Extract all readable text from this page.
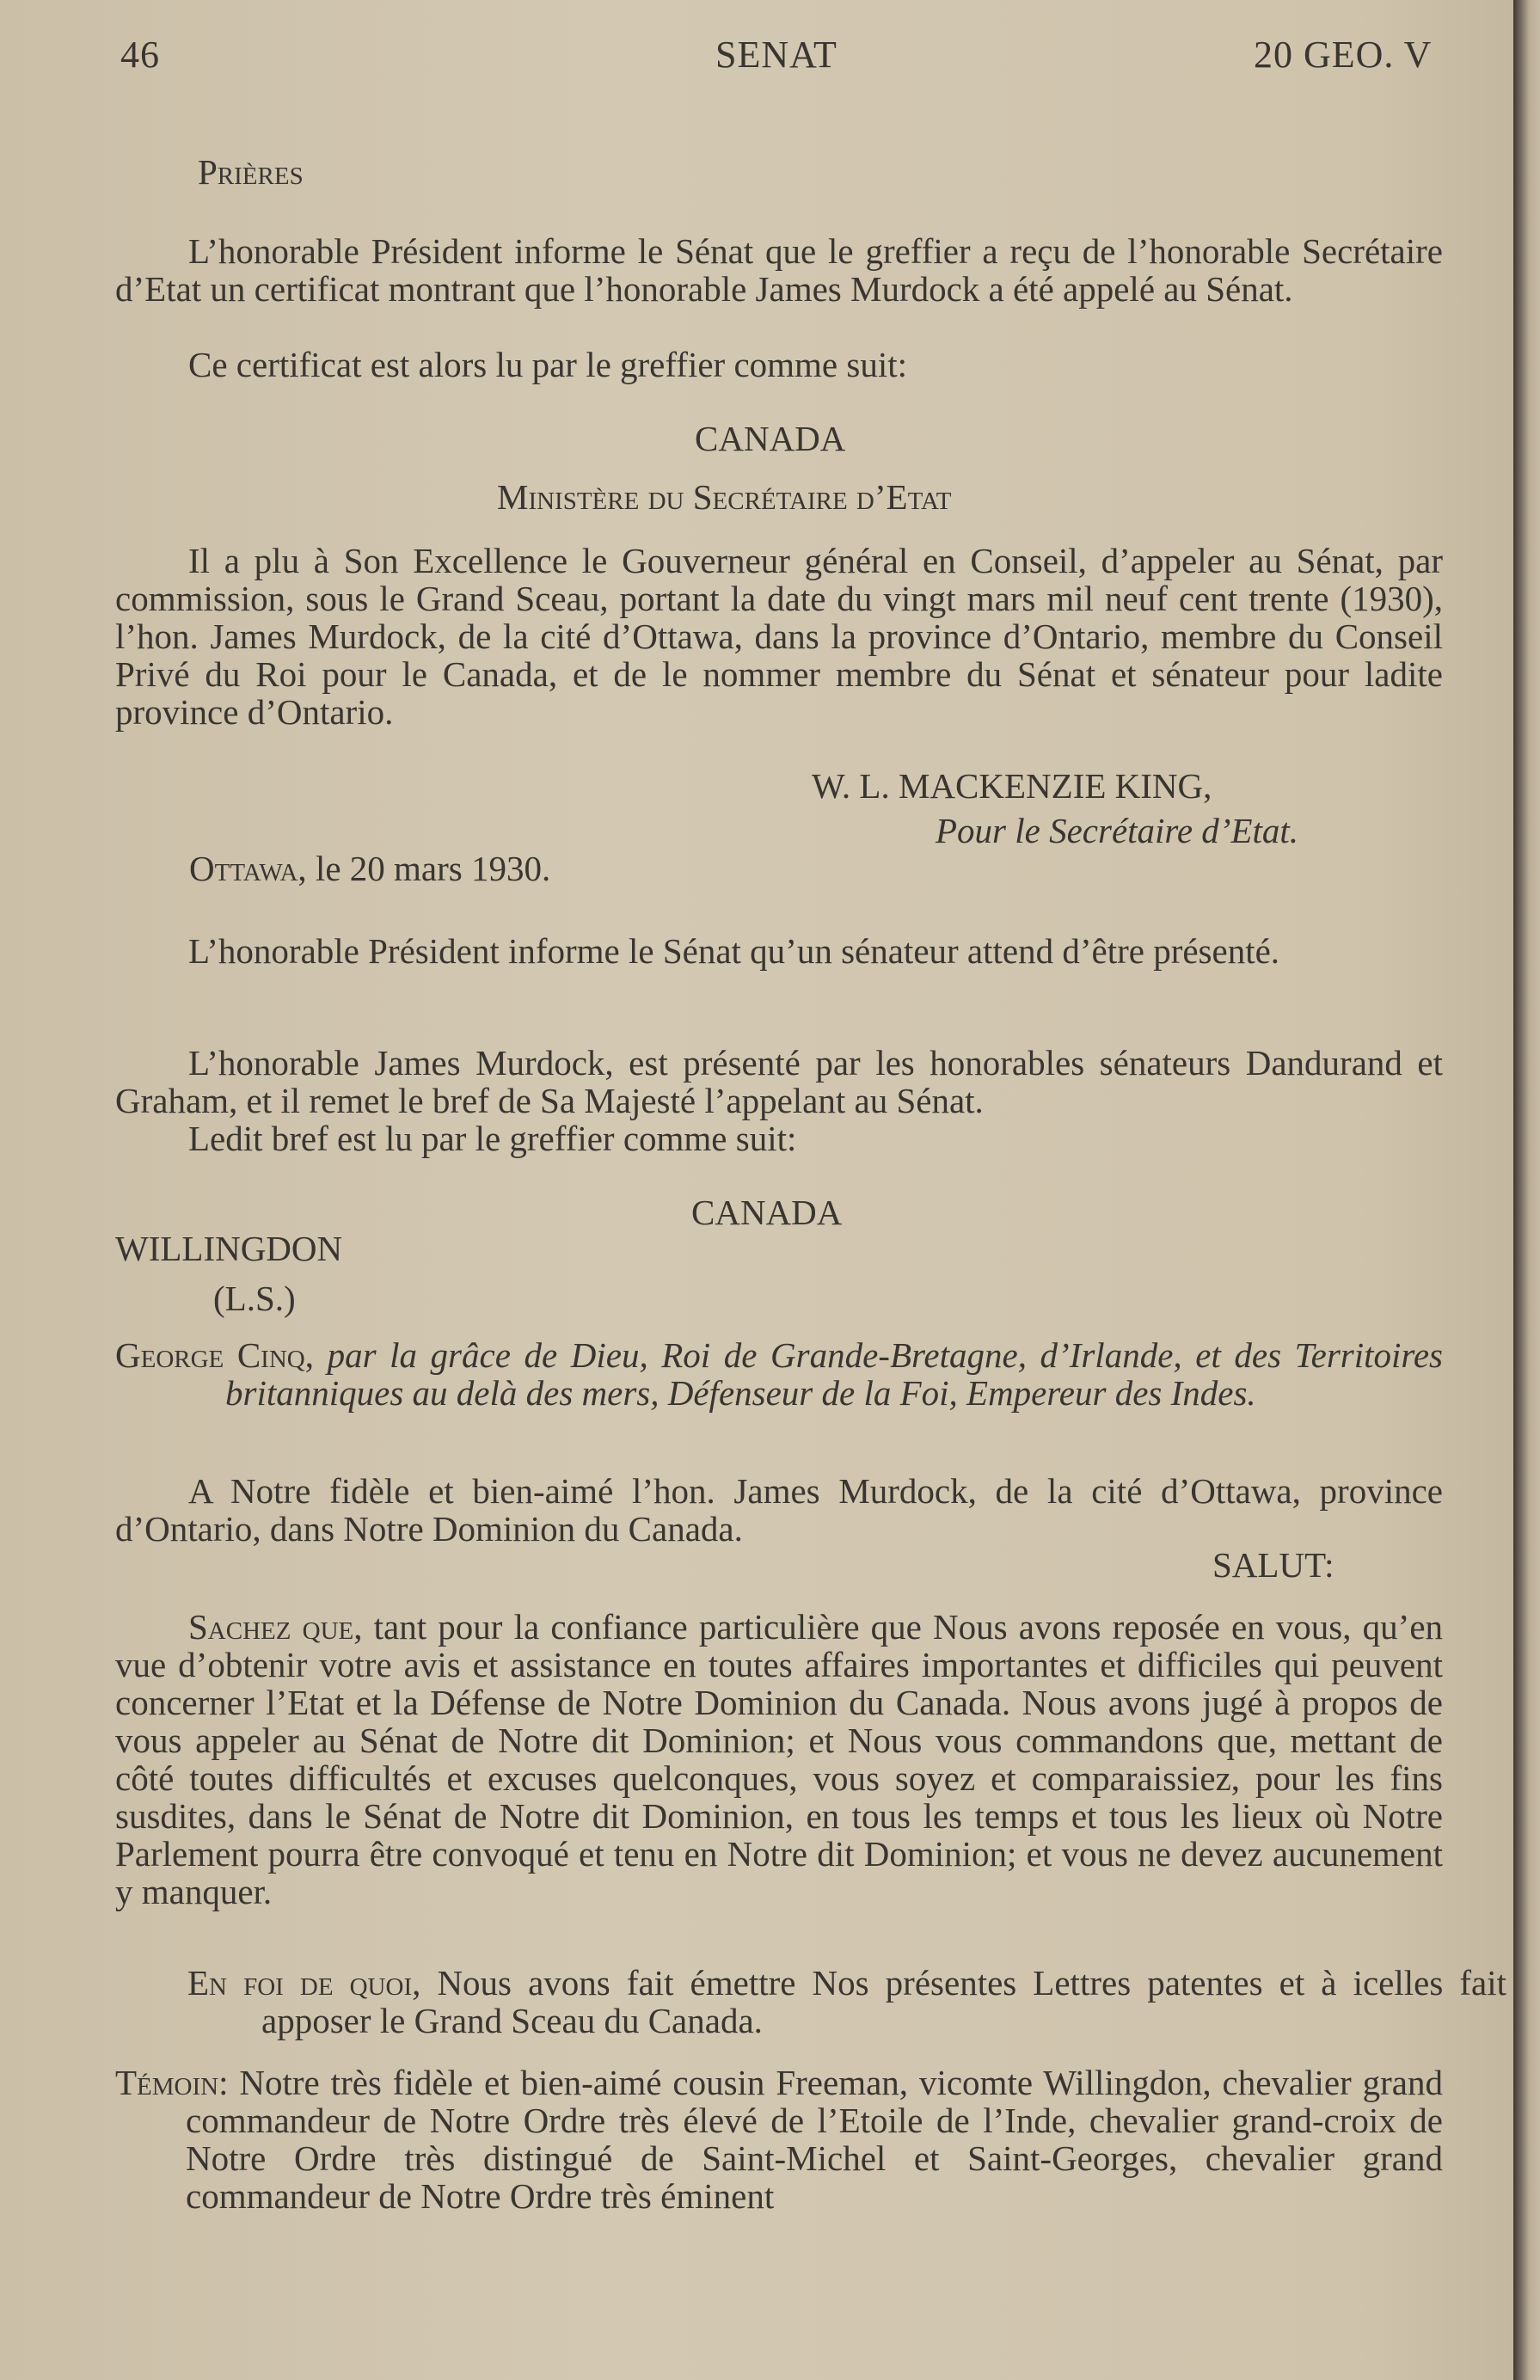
46	SENAT	20 GEO. V
Prières
L’honorable Président informe le Sénat que le greffier a reçu de l’honorable Secrétaire d’Etat un certificat montrant que l’honorable James Murdock a été appelé au Sénat.
Ce certificat est alors lu par le greffier comme suit:
CANADA
Ministère du Secrétaire d’Etat
Il a plu à Son Excellence le Gouverneur général en Conseil, d’appeler au Sénat, par commission, sous le Grand Sceau, portant la date du vingt mars mil neuf cent trente (1930), l’hon. James Murdock, de la cité d’Ottawa, dans la province d’Ontario, membre du Conseil Privé du Roi pour le Canada, et de le nommer membre du Sénat et sénateur pour ladite province d’Ontario.
W. L. MACKENZIE KING,
Pour le Secrétaire d’Etat.
Ottawa, le 20 mars 1930.
L’honorable Président informe le Sénat qu’un sénateur attend d’être présenté.
L’honorable James Murdock, est présenté par les honorables sénateurs Dandurand et Graham, et il remet le bref de Sa Majesté l’appelant au Sénat.
Ledit bref est lu par le greffier comme suit:
CANADA
WILLINGDON
(L.S.)
George Cinq, par la grâce de Dieu, Roi de Grande-Bretagne, d’Irlande, et des Territoires britanniques au delà des mers, Défenseur de la Foi, Empereur des Indes.
A Notre fidèle et bien-aimé l’hon. James Murdock, de la cité d’Ottawa, province d’Ontario, dans Notre Dominion du Canada.
SALUT:
Sachez que, tant pour la confiance particulière que Nous avons reposée en vous, qu’en vue d’obtenir votre avis et assistance en toutes affaires importantes et difficiles qui peuvent concerner l’Etat et la Défense de Notre Dominion du Canada. Nous avons jugé à propos de vous appeler au Sénat de Notre dit Dominion; et Nous vous commandons que, mettant de côté toutes difficultés et excuses quelconques, vous soyez et comparaissiez, pour les fins susdites, dans le Sénat de Notre dit Dominion, en tous les temps et tous les lieux où Notre Parlement pourra être convoqué et tenu en Notre dit Dominion; et vous ne devez aucunement y manquer.
En foi de quoi, Nous avons fait émettre Nos présentes Lettres patentes et à icelles fait apposer le Grand Sceau du Canada.
Témoin: Notre très fidèle et bien-aimé cousin Freeman, vicomte Willingdon, chevalier grand commandeur de Notre Ordre très élevé de l’Etoile de l’Inde, chevalier grand-croix de Notre Ordre très distingué de Saint-Michel et Saint-Georges, chevalier grand commandeur de Notre Ordre très éminent
